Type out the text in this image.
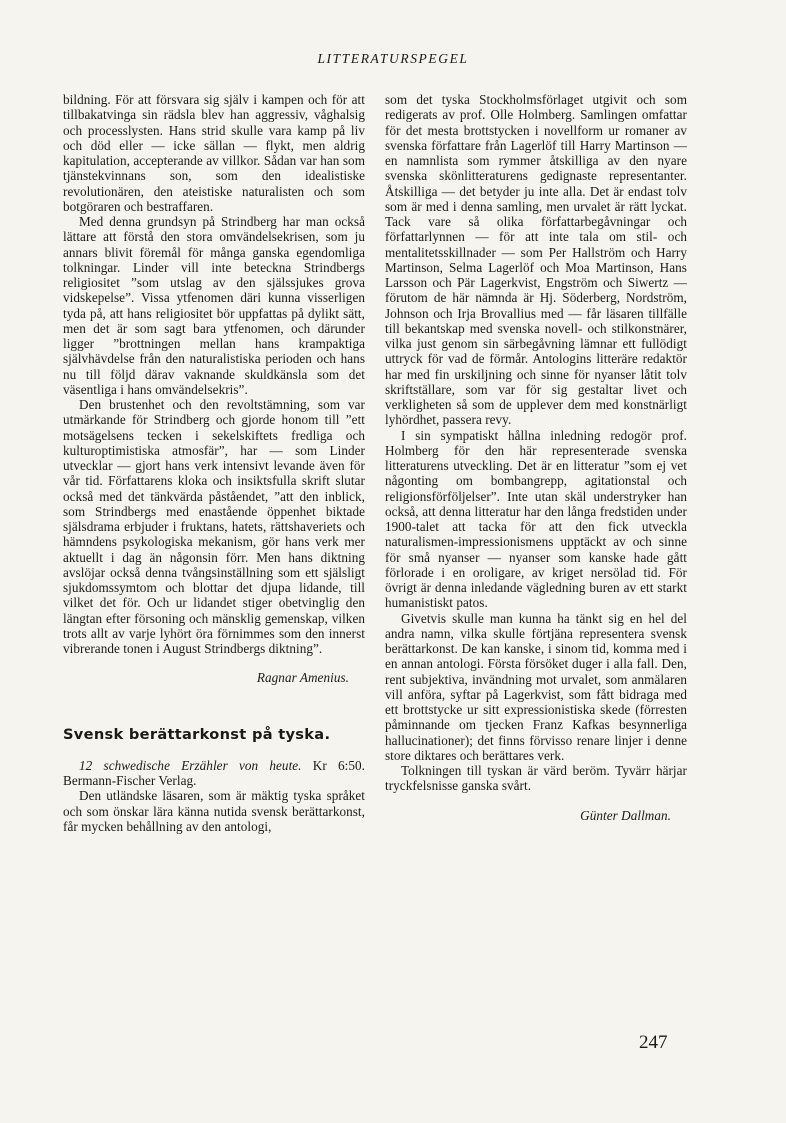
LITTERATURSPEGEL

bildning. För att försvara sig själv i kampen och för att tillbakatvinga sin rädsla blev han aggressiv, våghalsig och processlysten. Hans strid skulle vara kamp på liv och död eller — icke sällan — flykt, men aldrig kapitulation, accepterande av villkor. Sådan var han som tjänstekvinnans son, som den idealistiske revolutionären, den ateistiske naturalisten och som botgöraren och bestraffaren.

Med denna grundsyn på Strindberg har man också lättare att förstå den stora omvändelsekrisen, som ju annars blivit föremål för många ganska egendomliga tolkningar. Linder vill inte beteckna Strindbergs religiositet ”som utslag av den själssjukes grova vidskepelse”. Vissa ytfenomen däri kunna visserligen tyda på, att hans religiositet bör uppfattas på dylikt sätt, men det är som sagt bara ytfenomen, och därunder ligger ”brottningen mellan hans krampaktiga självhävdelse från den naturalistiska perioden och hans nu till följd därav vaknande skuldkänsla som det väsentliga i hans omvändelsekris”.

Den brustenhet och den revoltstämning, som var utmärkande för Strindberg och gjorde honom till ”ett motsägelsens tecken i sekelskiftets fredliga och kulturoptimistiska atmosfär”, har — som Linder utvecklar — gjort hans verk intensivt levande även för vår tid. Författarens kloka och insiktsfulla skrift slutar också med det tänkvärda påståendet, ”att den inblick, som Strindbergs med enastående öppenhet biktade själsdrama erbjuder i fruktans, hatets, rättshaveriets och hämndens psykologiska mekanism, gör hans verk mer aktuellt i dag än någonsin förr. Men hans diktning avslöjar också denna tvångsinställning som ett själsligt sjukdomssymtom och blottar det djupa lidande, till vilket det för. Och ur lidandet stiger obetvinglig den längtan efter försoning och mänsklig gemenskap, vilken trots allt av varje lyhört öra förnimmes som den innerst vibrerande tonen i August Strindbergs diktning”.

Ragnar Amenius.
Svensk berättarkonst på tyska.

12 schwedische Erzähler von heute. Kr 6:50. Bermann-Fischer Verlag.

Den utländske läsaren, som är mäktig tyska språket och som önskar lära känna nutida svensk berättarkonst, får mycken behållning av den antologi,

som det tyska Stockholmsförlaget utgivit och som redigerats av prof. Olle Holmberg. Samlingen omfattar för det mesta brottstycken i novellform ur romaner av svenska författare från Lagerlöf till Harry Martinson — en namnlista som rymmer åtskilliga av den nyare svenska skönlitteraturens gedignaste representanter. Åtskilliga — det betyder ju inte alla. Det är endast tolv som är med i denna samling, men urvalet är rätt lyckat. Tack vare så olika författarbegåvningar och författarlynnen — för att inte tala om stil- och mentalitetsskillnader — som Per Hallström och Harry Martinson, Selma Lagerlöf och Moa Martinson, Hans Larsson och Pär Lagerkvist, Engström och Siwertz — förutom de här nämnda är Hj. Söderberg, Nordström, Johnson och Irja Brovallius med — får läsaren tillfälle till bekantskap med svenska novell- och stilkonstnärer, vilka just genom sin särbegåvning lämnar ett fullödigt uttryck för vad de förmår. Antologins litteräre redaktör har med fin urskiljning och sinne för nyanser låtit tolv skriftställare, som var för sig gestaltar livet och verkligheten så som de upplever dem med konstnärligt lyhördhet, passera revy.

I sin sympatiskt hållna inledning redogör prof. Holmberg för den här representerade svenska litteraturens utveckling. Det är en litteratur ”som ej vet någonting om bombangrepp, agitationstal och religionsförföljelser”. Inte utan skäl understryker han också, att denna litteratur har den långa fredstiden under 1900-talet att tacka för att den fick utveckla naturalismen-impressionismens upptäckt av och sinne för små nyanser — nyanser som kanske hade gått förlorade i en oroligare, av kriget nersölad tid. För övrigt är denna inledande vägledning buren av ett starkt humanistiskt patos.

Givetvis skulle man kunna ha tänkt sig en hel del andra namn, vilka skulle förtjäna representera svensk berättarkonst. De kan kanske, i sinom tid, komma med i en annan antologi. Första försöket duger i alla fall. Den, rent subjektiva, invändning mot urvalet, som anmälaren vill anföra, syftar på Lagerkvist, som fått bidraga med ett brottstycke ur sitt expressionistiska skede (förresten påminnande om tjecken Franz Kafkas besynnerliga hallucinationer); det finns förvisso renare linjer i denne store diktares och berättares verk.

Tolkningen till tyskan är värd beröm. Tyvärr härjar tryckfelsnisse ganska svårt.

Günter Dallman.
247
